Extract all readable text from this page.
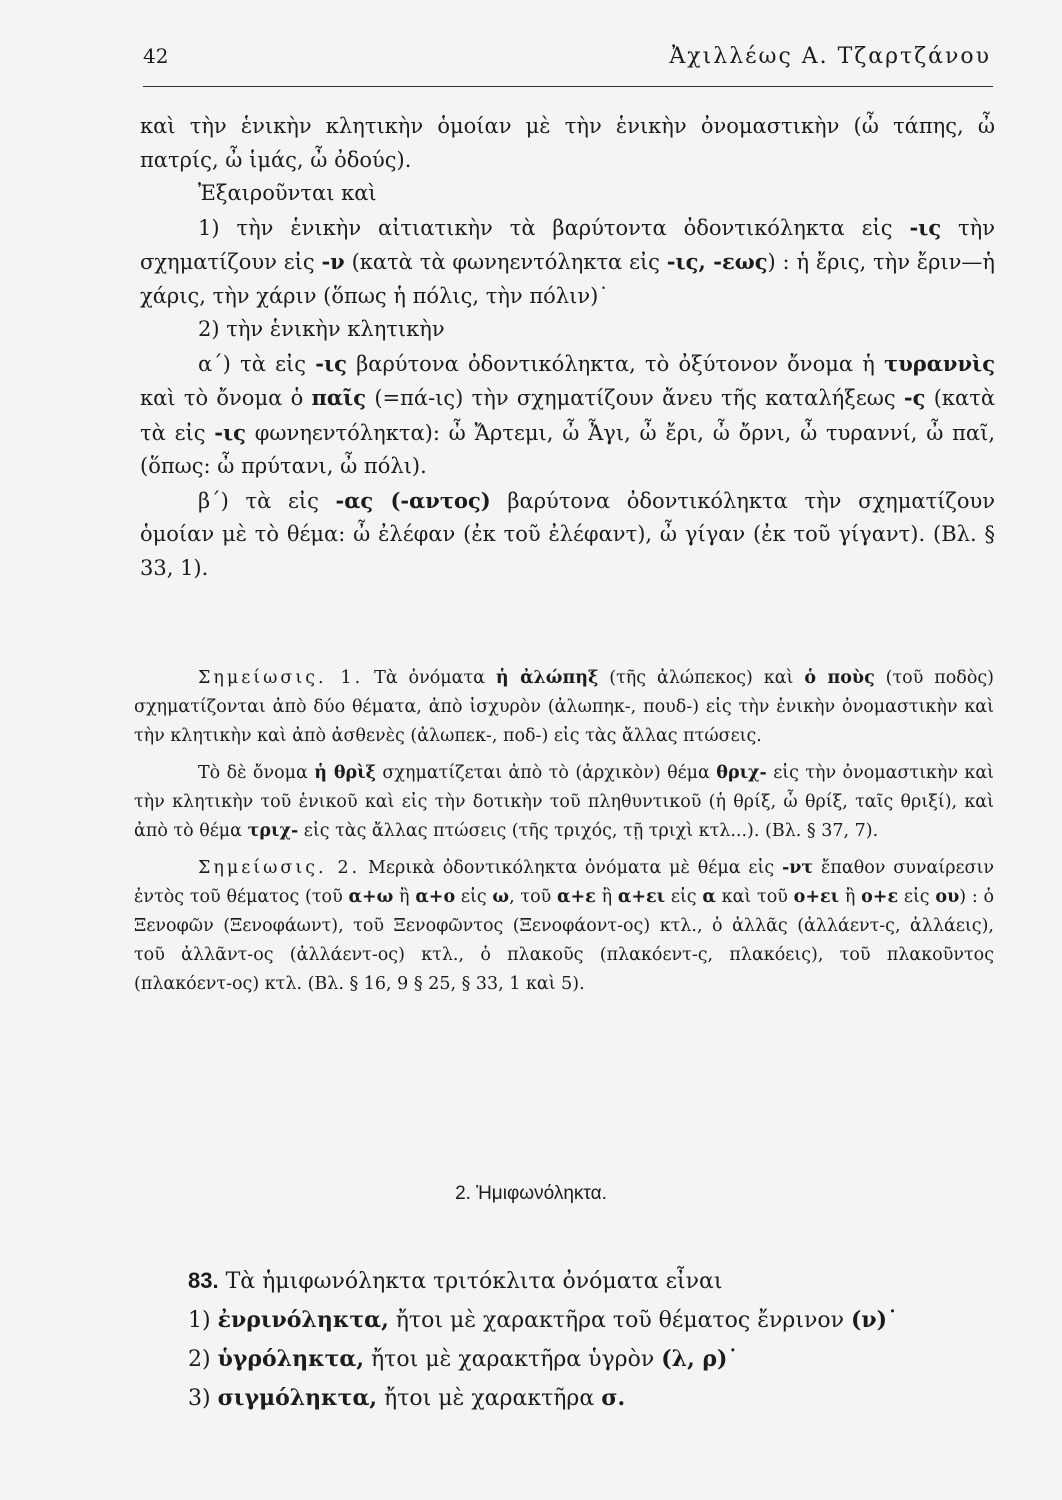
42	Ἀχιλλέως Α. Τζαρτζάνου

καὶ τὴν ἑνικὴν κλητικὴν ὁμοίαν μὲ τὴν ἑνικὴν ὀνομαστικὴν (ὦ τάπης, ὦ πατρίς, ὦ ἱμάς, ὦ ὀδούς).

Ἐξαιροῦνται καὶ

1) τὴν ἑνικὴν αἰτιατικὴν τὰ βαρύτοντα ὀδοντικόληκτα εἰς -ις τὴν σχηματίζουν εἰς -ν (κατὰ τὰ φωνηεντόληκτα εἰς -ις, -εως) : ἡ ἔρις, τὴν ἔριν—ἡ χάρις, τὴν χάριν (ὅπως ἡ πόλις, τὴν πόλιν)˙

2) τὴν ἑνικὴν κλητικὴν

α΄) τὰ εἰς -ις βαρύτονα ὀδοντικόληκτα, τὸ ὀξύτονον ὄνομα ἡ τυραννὶς καὶ τὸ ὄνομα ὁ παῖς (=πά-ις) τὴν σχηματίζουν ἄνευ τῆς καταλήξεως -ς (κατὰ τὰ εἰς -ις φωνηεντόληκτα): ὦ Ἄρτεμι, ὦ Ἆγι, ὦ ἔρι, ὦ ὄρνι, ὦ τυραννί, ὦ παῖ, (ὅπως: ὦ πρύτανι, ὦ πόλι).

β΄) τὰ εἰς -ας (-αντος) βαρύτονα ὀδοντικόληκτα τὴν σχηματίζουν ὁμοίαν μὲ τὸ θέμα: ὦ ἐλέφαν (ἐκ τοῦ ἐλέφαντ), ὦ γίγαν (ἐκ τοῦ γίγαντ). (Βλ. § 33, 1).

Σημείωσις. 1. Τὰ ὀνόματα ἡ ἀλώπηξ (τῆς ἀλώπεκος) καὶ ὁ ποὺς (τοῦ ποδὸς) σχηματίζονται ἀπὸ δύο θέματα, ἀπὸ ἰσχυρὸν (ἀλωπηκ-, πουδ-) εἰς τὴν ἑνικὴν ὀνομαστικὴν καὶ τὴν κλητικὴν καὶ ἀπὸ ἀσθενὲς (ἀλωπεκ-, ποδ-) εἰς τὰς ἄλλας πτώσεις.

Τὸ δὲ ὄνομα ἡ θρὶξ σχηματίζεται ἀπὸ τὸ (ἀρχικὸν) θέμα θριχ- εἰς τὴν ὀνομαστικὴν καὶ τὴν κλητικὴν τοῦ ἑνικοῦ καὶ εἰς τὴν δοτικὴν τοῦ πληθυντικοῦ (ἡ θρίξ, ὦ θρίξ, ταῖς θριξί), καὶ ἀπὸ τὸ θέμα τριχ- εἰς τὰς ἄλλας πτώσεις (τῆς τριχός, τῇ τριχὶ κτλ...). (Βλ. § 37, 7).

Σημείωσις. 2. Μερικὰ ὀδοντικόληκτα ὀνόματα μὲ θέμα εἰς -ντ ἔπαθον συναίρεσιν ἐντὸς τοῦ θέματος (τοῦ α+ω ἢ α+ο εἰς ω, τοῦ α+ε ἢ α+ει εἰς α καὶ τοῦ ο+ει ἢ ο+ε εἰς ου) : ὁ Ξενοφῶν (Ξενοφάωντ), τοῦ Ξενοφῶντος (Ξενοφάοντ-ος) κτλ., ὁ ἀλλᾶς (ἀλλάεντ-ς, ἀλλάεις), τοῦ ἀλλᾶντ-ος (ἀλλάεντ-ος) κτλ., ὁ πλακοῦς (πλακόεντ-ς, πλακόεις), τοῦ πλακοῦντος (πλακόεντ-ος) κτλ. (Βλ. § 16, 9 § 25, § 33, 1 καὶ 5).

2. Ἡμιφωνόληκτα.

83. Τὰ ἡμιφωνόληκτα τριτόκλιτα ὀνόματα εἶναι

1) ἐνρινόληκτα, ἤτοι μὲ χαρακτῆρα τοῦ θέματος ἔνρινον (ν)˙

2) ὑγρόληκτα, ἤτοι μὲ χαρακτῆρα ὑγρὸν (λ, ρ)˙

3) σιγμόληκτα, ἤτοι μὲ χαρακτῆρα σ.
